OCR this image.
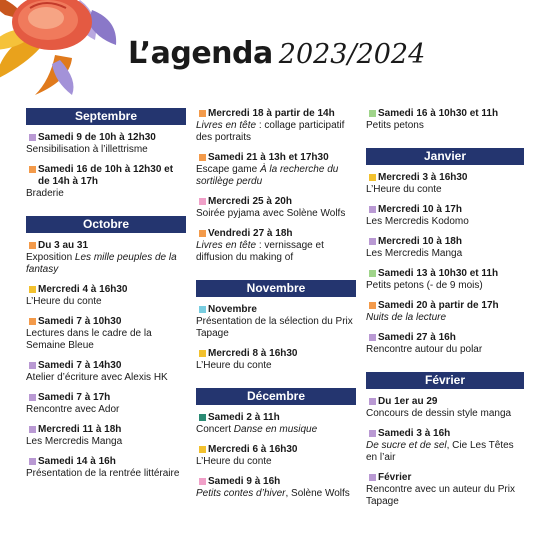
L’agenda 2023/2024
Septembre
Samedi 9 de 10h à 12h30
Sensibilisation à l’illettrisme
Samedi 16 de 10h à 12h30 et de 14h à 17h
Braderie
Octobre
Du 3 au 31
Exposition Les mille peuples de la fantasy
Mercredi 4 à 16h30
L’Heure du conte
Samedi 7 à 10h30
Lectures dans le cadre de la Semaine Bleue
Samedi 7 à 14h30
Atelier d’écriture avec Alexis HK
Samedi 7 à 17h
Rencontre avec Ador
Mercredi 11 à 18h
Les Mercredis Manga
Samedi 14 à 16h
Présentation de la rentrée littéraire
Mercredi 18 à partir de 14h
Livres en tête : collage participatif des portraits
Samedi 21 à 13h et 17h30
Escape game À la recherche du sortilège perdu
Mercredi 25 à 20h
Soirée pyjama avec Solène Wolfs
Vendredi 27 à 18h
Livres en tête : vernissage et diffusion du making of
Novembre
Novembre
Présentation de la sélection du Prix Tapage
Mercredi 8 à 16h30
L’Heure du conte
Décembre
Samedi 2 à 11h
Concert Danse en musique
Mercredi 6 à 16h30
L’Heure du conte
Samedi 9 à 16h
Petits contes d’hiver, Solène Wolfs
Samedi 16 à 10h30 et 11h
Petits petons
Janvier
Mercredi 3 à 16h30
L’Heure du conte
Mercredi 10 à 17h
Les Mercredis Kodomo
Mercredi 10 à 18h
Les Mercredis Manga
Samedi 13 à 10h30 et 11h
Petits petons (- de 9 mois)
Samedi 20 à partir de 17h
Nuits de la lecture
Samedi 27 à 16h
Rencontre autour du polar
Février
Du 1er au 29
Concours de dessin style manga
Samedi 3 à 16h
De sucre et de sel, Cie Les Têtes en l’air
Février
Rencontre avec un auteur du Prix Tapage
